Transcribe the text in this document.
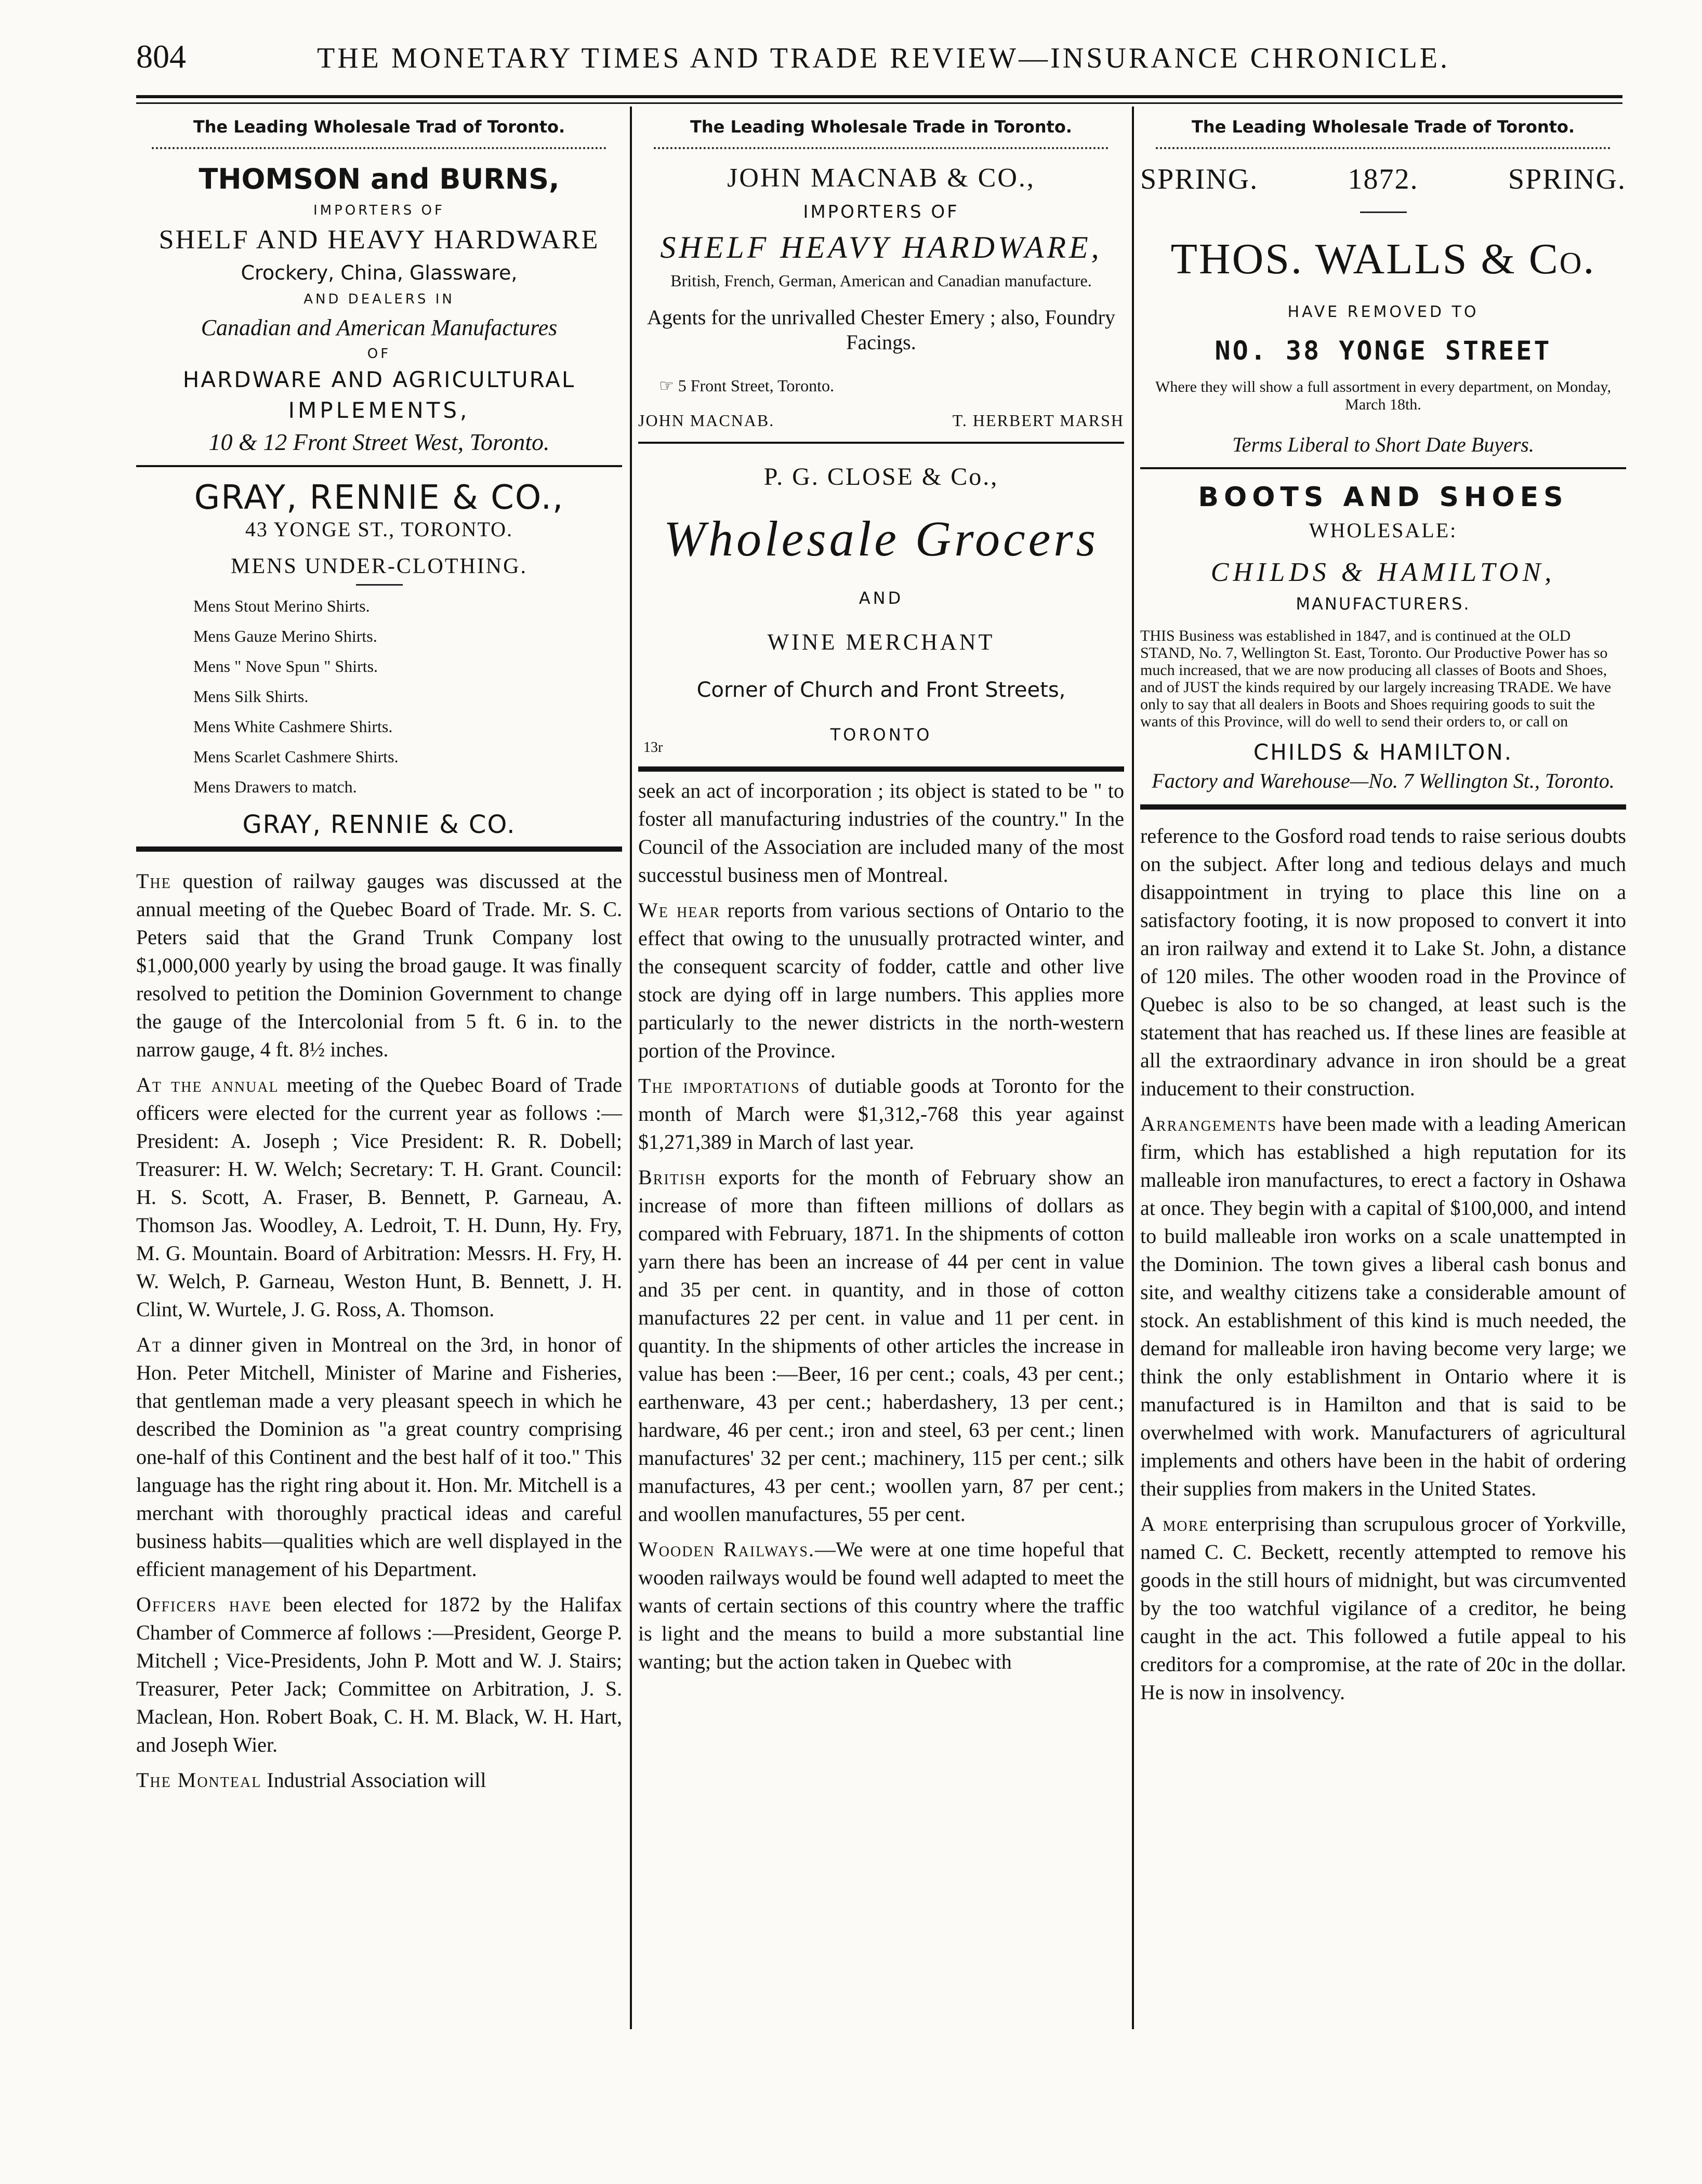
804	THE MONETARY TIMES AND TRADE REVIEW—INSURANCE CHRONICLE.
The Leading Wholesale Trad of Toronto.
THOMSON and BURNS,
IMPORTERS OF
SHELF AND HEAVY HARDWARE
Crockery, China, Glassware,
AND DEALERS IN
Canadian and American Manufactures
OF
HARDWARE AND AGRICULTURAL
IMPLEMENTS,
10 & 12 Front Street West, Toronto.
GRAY, RENNIE & CO.,
43 YONGE ST., TORONTO.
MENS UNDER-CLOTHING.
Mens Stout Merino Shirts.
Mens Gauze Merino Shirts.
Mens " Nove Spun " Shirts.
Mens Silk Shirts.
Mens White Cashmere Shirts.
Mens Scarlet Cashmere Shirts.
Mens Drawers to match.
GRAY, RENNIE & CO.

The question of railway gauges was discussed at the annual meeting of the Quebec Board of Trade. Mr. S. C. Peters said that the Grand Trunk Company lost $1,000,000 yearly by using the broad gauge. It was finally resolved to petition the Dominion Government to change the gauge of the Intercolonial from 5 ft. 6 in. to the narrow gauge, 4 ft. 8½ inches.

At the annual meeting of the Quebec Board of Trade officers were elected for the current year as follows :—President: A. Joseph ; Vice President: R. R. Dobell; Treasurer: H. W. Welch; Secretary: T. H. Grant. Council: H. S. Scott, A. Fraser, B. Bennett, P. Garneau, A. Thomson Jas. Woodley, A. Ledroit, T. H. Dunn, Hy. Fry, M. G. Mountain. Board of Arbitration: Messrs. H. Fry, H. W. Welch, P. Garneau, Weston Hunt, B. Bennett, J. H. Clint, W. Wurtele, J. G. Ross, A. Thomson.

At a dinner given in Montreal on the 3rd, in honor of Hon. Peter Mitchell, Minister of Marine and Fisheries, that gentleman made a very pleasant speech in which he described the Dominion as "a great country comprising one-half of this Continent and the best half of it too." This language has the right ring about it. Hon. Mr. Mitchell is a merchant with thoroughly practical ideas and careful business habits—qualities which are well displayed in the efficient management of his Department.

Officers have been elected for 1872 by the Halifax Chamber of Commerce af follows :—President, George P. Mitchell ; Vice-Presidents, John P. Mott and W. J. Stairs; Treasurer, Peter Jack; Committee on Arbitration, J. S. Maclean, Hon. Robert Boak, C. H. M. Black, W. H. Hart, and Joseph Wier.

The Monteal Industrial Association will

The Leading Wholesale Trade in Toronto.
JOHN MACNAB & CO.,
IMPORTERS OF
SHELF HEAVY HARDWARE,
British, French, German, American and Canadian manufacture.
Agents for the unrivalled Chester Emery ; also, Foundry Facings.
☞ 5 Front Street, Toronto.
JOHN MACNAB.	T. HERBERT MARSH
P. G. CLOSE & Co.,
Wholesale Grocers
AND
WINE MERCHANT
Corner of Church and Front Streets,
TORONTO
13r

seek an act of incorporation ; its object is stated to be " to foster all manufacturing industries of the country." In the Council of the Association are included many of the most successtul business men of Montreal.

We hear reports from various sections of Ontario to the effect that owing to the unusually protracted winter, and the consequent scarcity of fodder, cattle and other live stock are dying off in large numbers. This applies more particularly to the newer districts in the north-western portion of the Province.

The importations of dutiable goods at Toronto for the month of March were $1,312,-768 this year against $1,271,389 in March of last year.

British exports for the month of February show an increase of more than fifteen millions of dollars as compared with February, 1871. In the shipments of cotton yarn there has been an increase of 44 per cent in value and 35 per cent. in quantity, and in those of cotton manufactures 22 per cent. in value and 11 per cent. in quantity. In the shipments of other articles the increase in value has been :—Beer, 16 per cent.; coals, 43 per cent.; earthenware, 43 per cent.; haberdashery, 13 per cent.; hardware, 46 per cent.; iron and steel, 63 per cent.; linen manufactures' 32 per cent.; machinery, 115 per cent.; silk manufactures, 43 per cent.; woollen yarn, 87 per cent.; and woollen manufactures, 55 per cent.

Wooden Railways.—We were at one time hopeful that wooden railways would be found well adapted to meet the wants of certain sections of this country where the traffic is light and the means to build a more substantial line wanting; but the action taken in Quebec with

The Leading Wholesale Trade of Toronto.
SPRING.	1872.	SPRING.
THOS. WALLS & Co.
HAVE REMOVED TO
NO. 38 YONGE STREET
Where they will show a full assortment in every department, on Monday, March 18th.
Terms Liberal to Short Date Buyers.
BOOTS AND SHOES
WHOLESALE:
CHILDS & HAMILTON,
MANUFACTURERS.
THIS Business was established in 1847, and is continued at the OLD STAND, No. 7, Wellington St. East, Toronto. Our Productive Power has so much increased, that we are now producing all classes of Boots and Shoes, and of JUST the kinds required by our largely increasing TRADE. We have only to say that all dealers in Boots and Shoes requiring goods to suit the wants of this Province, will do well to send their orders to, or call on
CHILDS & HAMILTON.
Factory and Warehouse—No. 7 Wellington St., Toronto.

reference to the Gosford road tends to raise serious doubts on the subject. After long and tedious delays and much disappointment in trying to place this line on a satisfactory footing, it is now proposed to convert it into an iron railway and extend it to Lake St. John, a distance of 120 miles. The other wooden road in the Province of Quebec is also to be so changed, at least such is the statement that has reached us. If these lines are feasible at all the extraordinary advance in iron should be a great inducement to their construction.

Arrangements have been made with a leading American firm, which has established a high reputation for its malleable iron manufactures, to erect a factory in Oshawa at once. They begin with a capital of $100,000, and intend to build malleable iron works on a scale unattempted in the Dominion. The town gives a liberal cash bonus and site, and wealthy citizens take a considerable amount of stock. An establishment of this kind is much needed, the demand for malleable iron having become very large; we think the only establishment in Ontario where it is manufactured is in Hamilton and that is said to be overwhelmed with work. Manufacturers of agricultural implements and others have been in the habit of ordering their supplies from makers in the United States.

A more enterprising than scrupulous grocer of Yorkville, named C. C. Beckett, recently attempted to remove his goods in the still hours of midnight, but was circumvented by the too watchful vigilance of a creditor, he being caught in the act. This followed a futile appeal to his creditors for a compromise, at the rate of 20c in the dollar. He is now in insolvency.
